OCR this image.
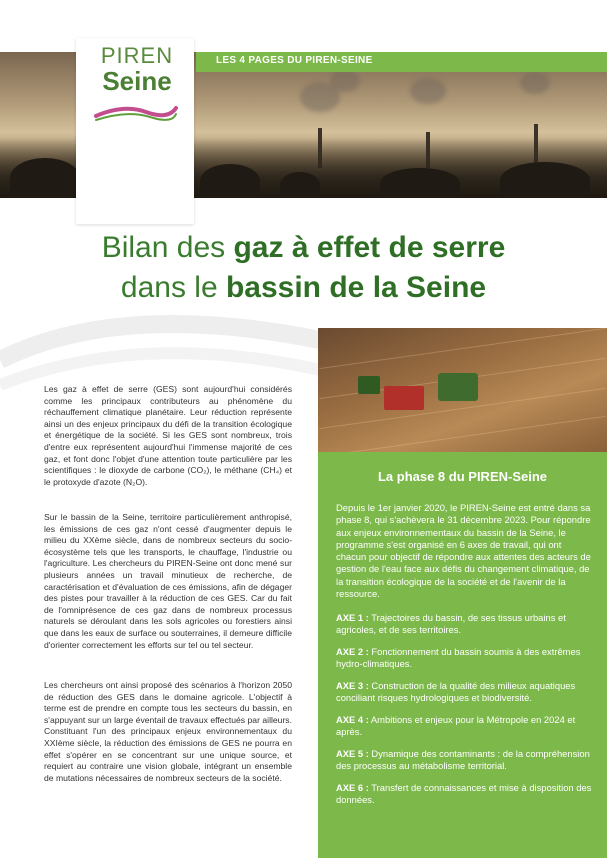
LES 4 PAGES DU PIREN-SEINE
PIREN
Seine
Bilan des gaz à effet de serre
dans le bassin de la Seine
La phase 8 du PIREN-Seine
Depuis le 1er janvier 2020, le PIREN-Seine est entré dans sa phase 8, qui s'achèvera le 31 décembre 2023. Pour répondre aux enjeux environnementaux du bassin de la Seine, le programme s'est organisé en 6 axes de travail, qui ont chacun pour objectif de répondre aux attentes des acteurs de gestion de l'eau face aux défis du changement climatique, de la transition écologique de la société et de l'avenir de la ressource.
AXE 1 : Trajectoires du bassin, de ses tissus urbains et agricoles, et de ses territoires.
AXE 2 : Fonctionnement du bassin soumis à des extrêmes hydro-climatiques.
AXE 3 : Construction de la qualité des milieux aquatiques conciliant risques hydrologiques et biodiversité.
AXE 4 : Ambitions et enjeux pour la Métropole en 2024 et après.
AXE 5 : Dynamique des contaminants : de la compréhension des processus au métabolisme territorial.
AXE 6 : Transfert de connaissances et mise à disposition des données.
Les gaz à effet de serre (GES) sont aujourd'hui considérés comme les principaux contributeurs au phénomène du réchauffement climatique planétaire. Leur réduction représente ainsi un des enjeux principaux du défi de la transition écologique et énergétique de la société. Si les GES sont nombreux, trois d'entre eux représentent aujourd'hui l'immense majorité de ces gaz, et font donc l'objet d'une attention toute particulière par les scientifiques : le dioxyde de carbone (CO₂), le méthane (CH₄) et le protoxyde d'azote (N₂O).
Sur le bassin de la Seine, territoire particulièrement anthropisé, les émissions de ces gaz n'ont cessé d'augmenter depuis le milieu du XXème siècle, dans de nombreux secteurs du socio-écosystème tels que les transports, le chauffage, l'industrie ou l'agriculture. Les chercheurs du PIREN-Seine ont donc mené sur plusieurs années un travail minutieux de recherche, de caractérisation et d'évaluation de ces émissions, afin de dégager des pistes pour travailler à la réduction de ces GES. Car du fait de l'omniprésence de ces gaz dans de nombreux processus naturels se déroulant dans les sols agricoles ou forestiers ainsi que dans les eaux de surface ou souterraines, il demeure difficile d'orienter correctement les efforts sur tel ou tel secteur.
Les chercheurs ont ainsi proposé des scénarios à l'horizon 2050 de réduction des GES dans le domaine agricole. L'objectif à terme est de prendre en compte tous les secteurs du bassin, en s'appuyant sur un large éventail de travaux effectués par ailleurs. Constituant l'un des principaux enjeux environnementaux du XXIème siècle, la réduction des émissions de GES ne pourra en effet s'opérer en se concentrant sur une unique source, et requiert au contraire une vision globale, intégrant un ensemble de mutations nécessaires de nombreux secteurs de la société.
